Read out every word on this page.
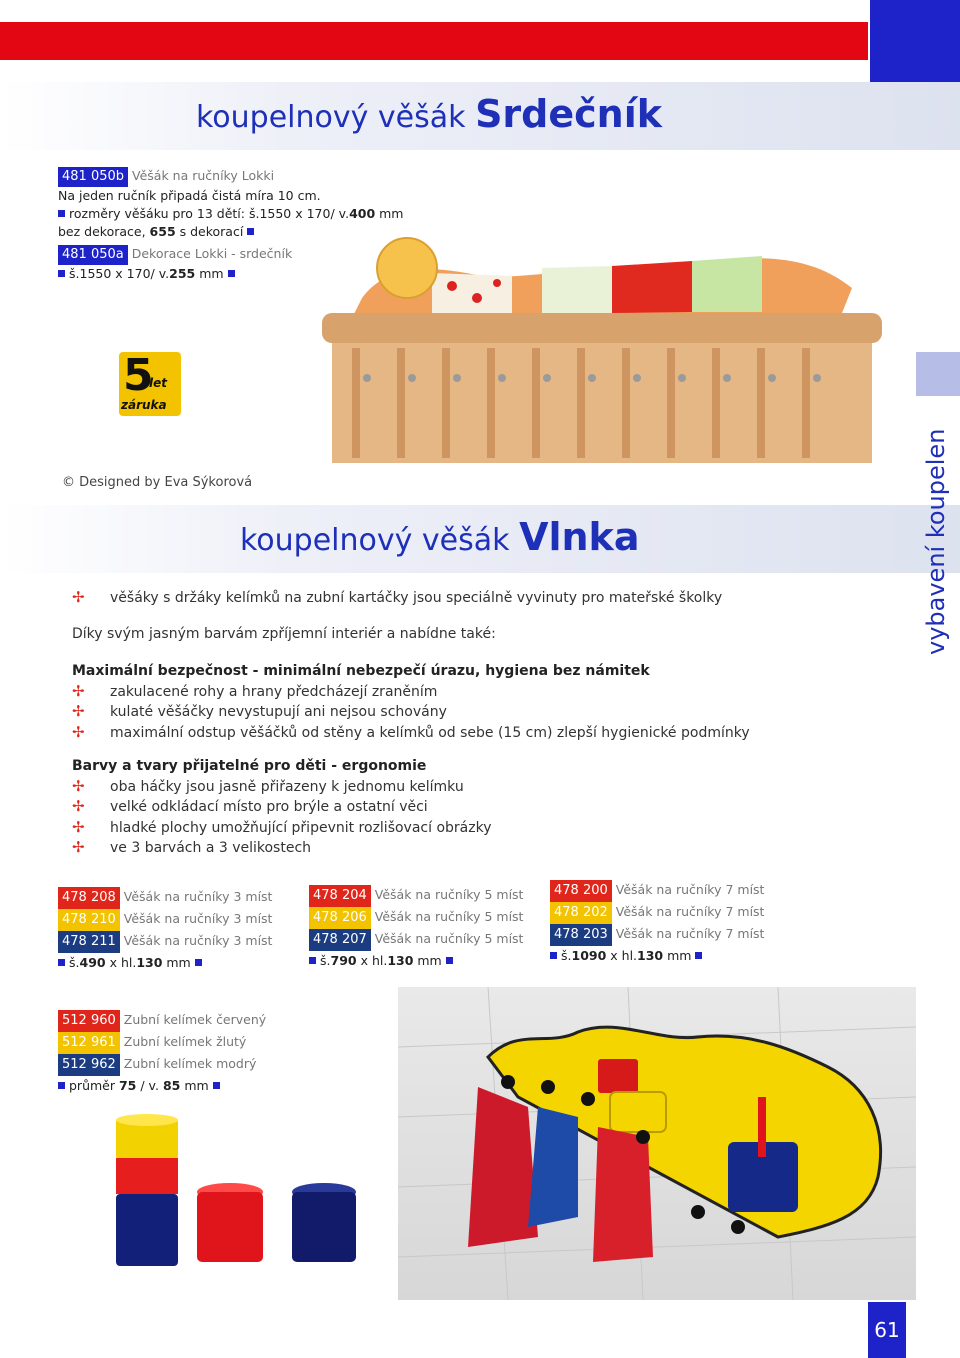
koupelnový věšák Srdečník
481 050b Věšák na ručníky Lokki
Na jeden ručník připadá čistá míra 10 cm.
rozměry věšáku pro 13 dětí: š.1550 x 170/ v.400 mm
bez dekorace, 655 s dekorací
481 050a Dekorace Lokki - srdečník
š.1550 x 170/ v.255 mm
5
let
záruka
© Designed by Eva Sýkorová
koupelnový věšák Vlnka	vybavení koupelen
✢ věšáky s držáky kelímků na zubní kartáčky jsou speciálně vyvinuty pro mateřské školky
Díky svým jasným barvám zpříjemní interiér a nabídne také:
Maximální bezpečnost - minimální nebezpečí úrazu, hygiena bez námitek
✢ zakulacené rohy a hrany předcházejí zraněním
✢ kulaté věšáčky nevystupují ani nejsou schovány
✢ maximální odstup věšáčků od stěny a kelímků od sebe (15 cm) zlepší hygienické podmínky
Barvy a tvary přijatelné pro děti - ergonomie
✢ oba háčky jsou jasně přiřazeny k jednomu kelímku
✢ velké odkládací místo pro brýle a ostatní věci
✢ hladké plochy umožňující připevnit rozlišovací obrázky
✢ ve 3 barvách a 3 velikostech
478 208 Věšák na ručníky 3 míst
478 210 Věšák na ručníky 3 míst
478 211 Věšák na ručníky 3 míst
š.490 x hl.130 mm
478 204 Věšák na ručníky 5 míst
478 206 Věšák na ručníky 5 míst
478 207 Věšák na ručníky 5 míst
š.790 x hl.130 mm
478 200 Věšák na ručníky 7 míst
478 202 Věšák na ručníky 7 míst
478 203 Věšák na ručníky 7 míst
š.1090 x hl.130 mm
512 960 Zubní kelímek červený
512 961 Zubní kelímek žlutý
512 962 Zubní kelímek modrý
průměr 75 / v. 85 mm
61
